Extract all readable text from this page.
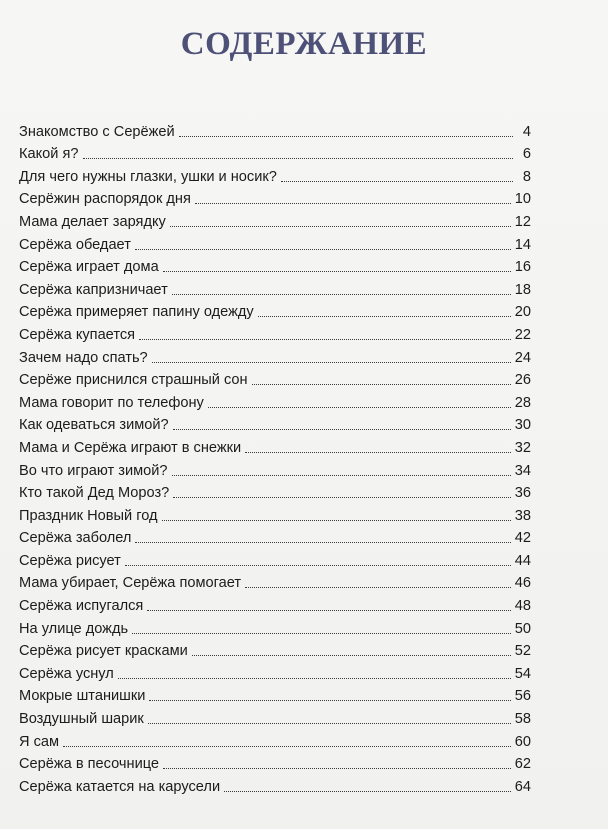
СОДЕРЖАНИЕ
Знакомство с Серёжей	4
Какой я?	6
Для чего нужны глазки, ушки и носик?	8
Серёжин распорядок дня	10
Мама делает зарядку	12
Серёжа обедает	14
Серёжа играет дома	16
Серёжа капризничает	18
Серёжа примеряет папину одежду	20
Серёжа купается	22
Зачем надо спать?	24
Серёже приснился страшный сон	26
Мама говорит по телефону	28
Как одеваться зимой?	30
Мама и Серёжа играют в снежки	32
Во что играют зимой?	34
Кто такой Дед Мороз?	36
Праздник Новый год	38
Серёжа заболел	42
Серёжа рисует	44
Мама убирает, Серёжа помогает	46
Серёжа испугался	48
На улице дождь	50
Серёжа рисует красками	52
Серёжа уснул	54
Мокрые штанишки	56
Воздушный шарик	58
Я сам	60
Серёжа в песочнице	62
Серёжа катается на карусели	64
